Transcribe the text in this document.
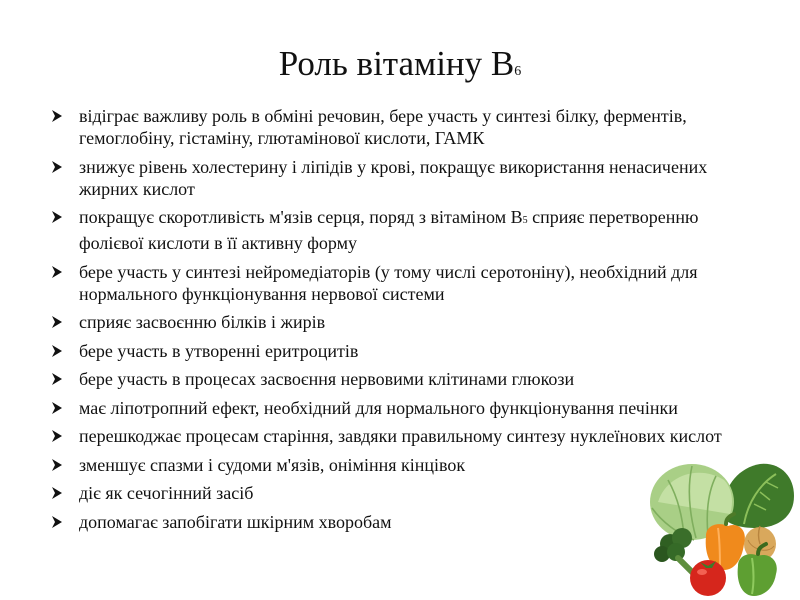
Роль вітаміну В6
відіграє важливу роль в обміні речовин, бере участь у синтезі білку, ферментів, гемоглобіну, гістаміну, глютамінової кислоти, ГАМК
знижує рівень холестерину і ліпідів у крові, покращує використання ненасичених жирних кислот
покращує скоротливість м'язів серця, поряд з вітаміном В5 сприяє перетворенню фолієвої кислоти в її активну форму
бере участь у синтезі нейромедіаторів (у тому числі серотоніну), необхідний для нормального функціонування нервової системи
сприяє засвоєнню білків і жирів
бере участь в утворенні еритроцитів
бере участь в процесах засвоєння нервовими клітинами глюкози
має ліпотропний ефект, необхідний для нормального функціонування печінки
перешкоджає процесам старіння, завдяки правильному синтезу нуклеїнових кислот
зменшує спазми і судоми м'язів, оніміння кінцівок
діє як сечогінний засіб
допомагає запобігати шкірним хворобам
